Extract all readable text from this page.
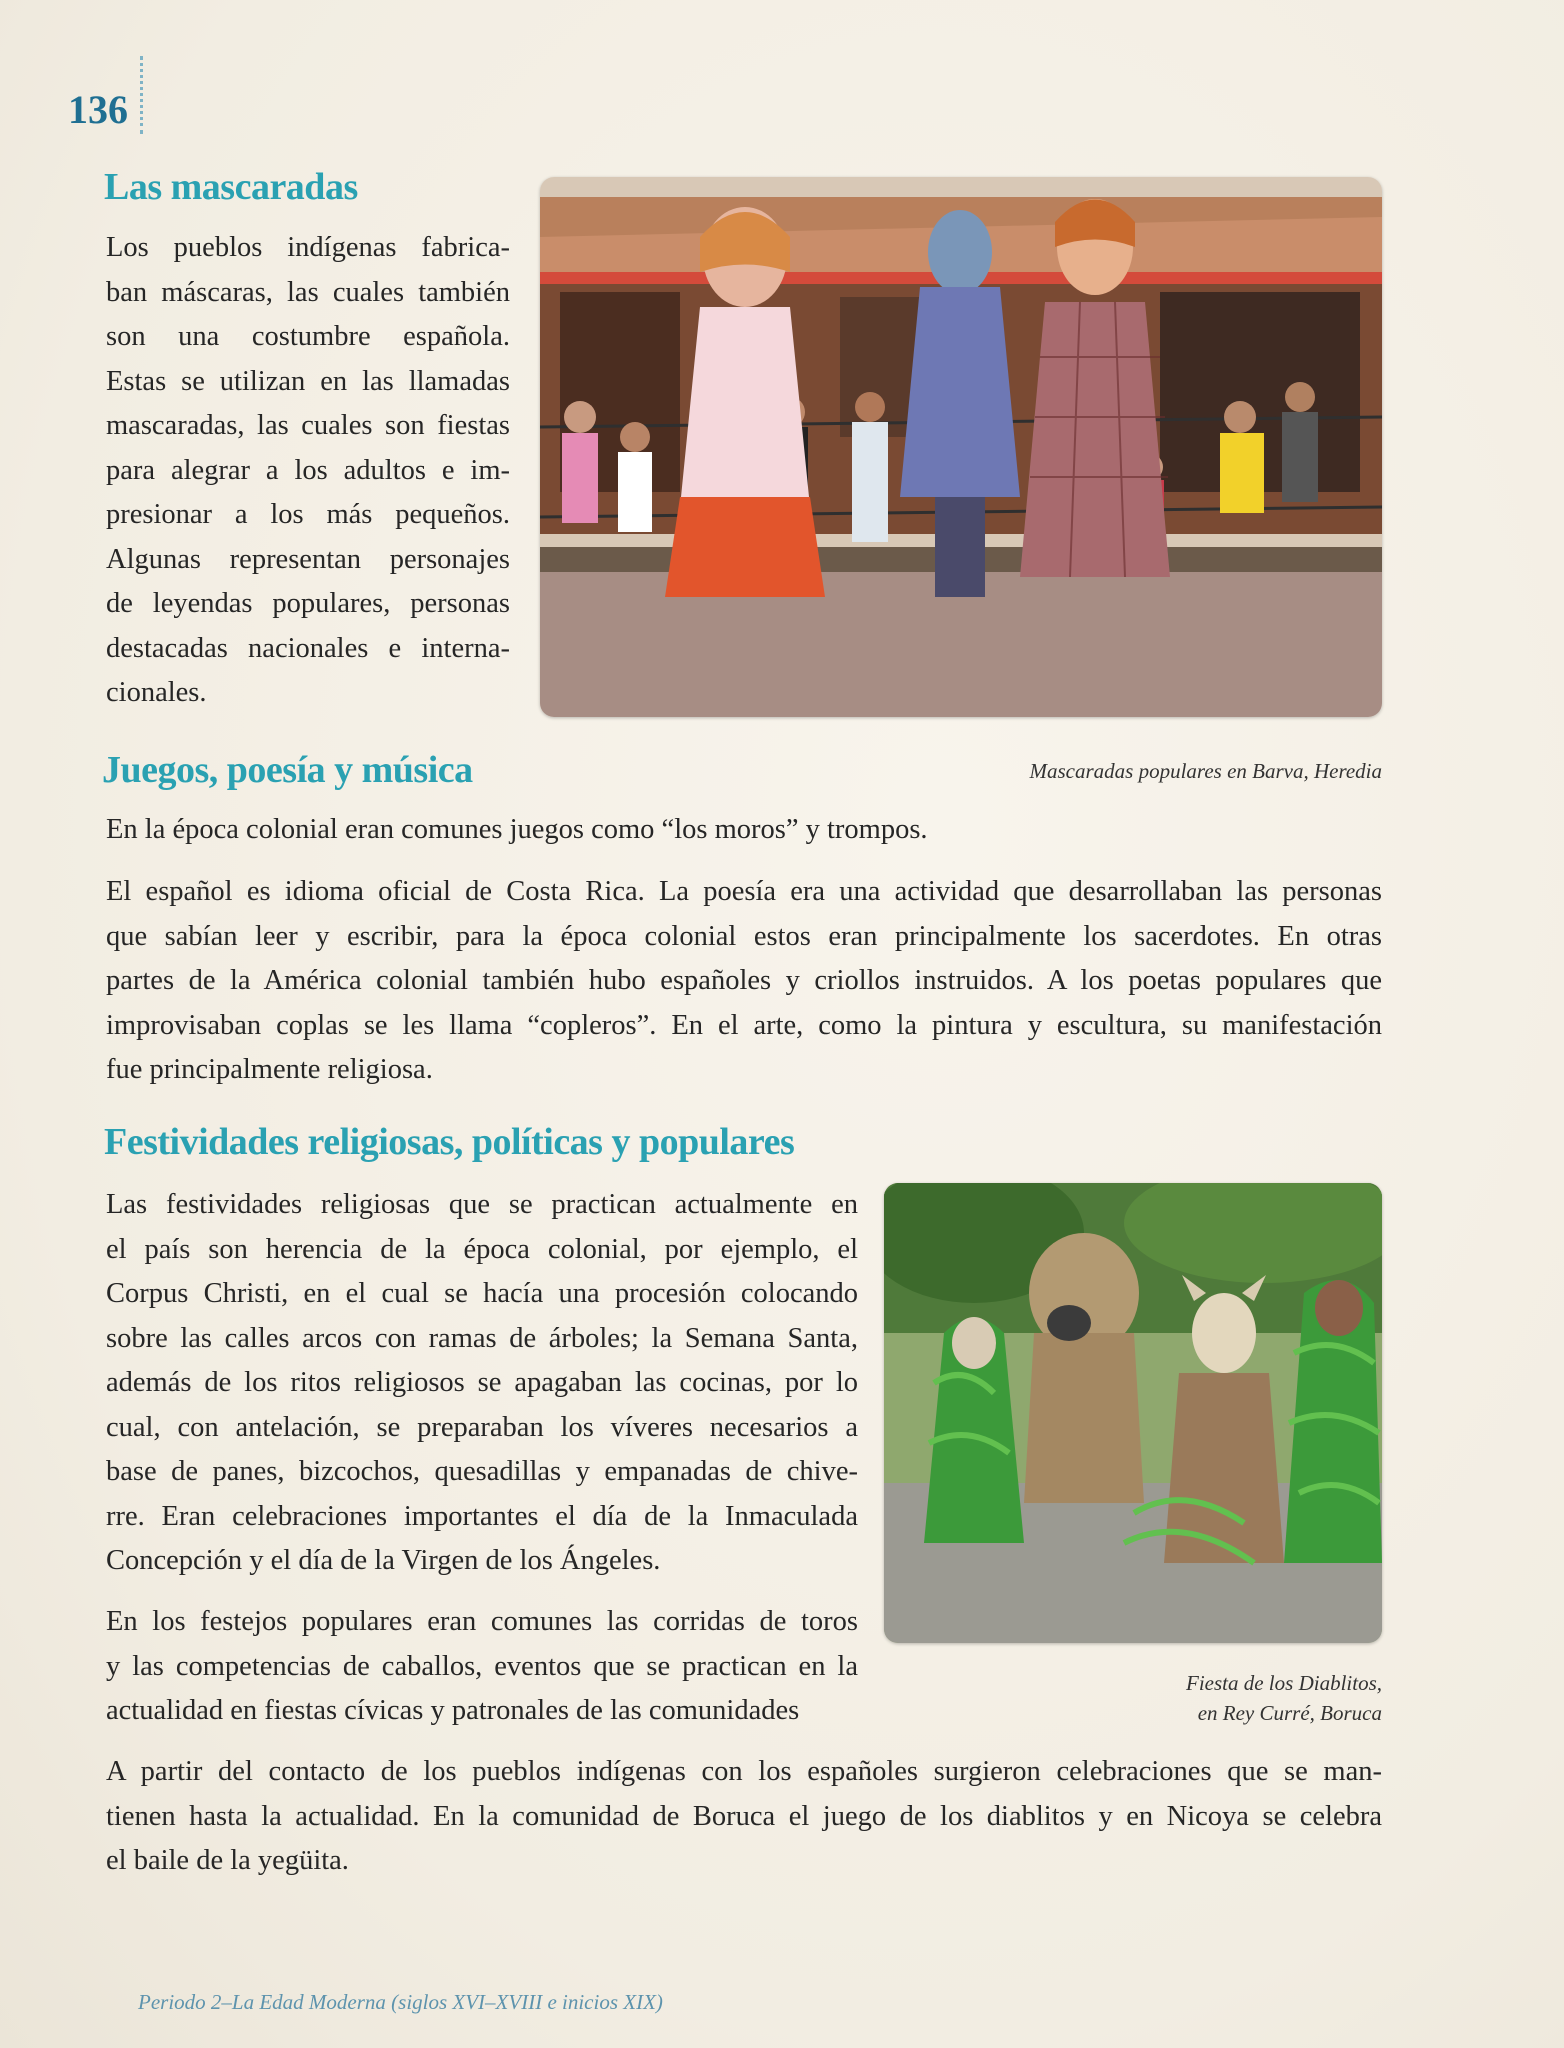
136
Las mascaradas
Los pueblos indígenas fabrica-
ban máscaras, las cuales también
son una costumbre española.
Estas se utilizan en las llamadas
mascaradas, las cuales son fiestas
para alegrar a los adultos e im-
presionar a los más pequeños.
Algunas representan personajes
de leyendas populares, personas
destacadas nacionales e interna-
cionales.
Mascaradas populares en Barva, Heredia
Juegos, poesía y música
En la época colonial eran comunes juegos como “los moros” y trompos.
El español es idioma oficial de Costa Rica. La poesía era una actividad que desarrollaban las personas
que sabían leer y escribir, para la época colonial estos eran principalmente los sacerdotes. En otras
partes de la América colonial también hubo españoles y criollos instruidos. A los poetas populares que
improvisaban coplas se les llama “copleros”. En el arte, como la pintura y escultura, su manifestación
fue principalmente religiosa.
Festividades religiosas, políticas y populares
Las festividades religiosas que se practican actualmente en
el país son herencia de la época colonial, por ejemplo, el
Corpus Christi, en el cual se hacía una procesión colocando
sobre las calles arcos con ramas de árboles; la Semana Santa,
además de los ritos religiosos se apagaban las cocinas, por lo
cual, con antelación, se preparaban los víveres necesarios a
base de panes, bizcochos, quesadillas y empanadas de chive-
rre. Eran celebraciones importantes el día de la Inmaculada
Concepción y el día de la Virgen de los Ángeles.
En los festejos populares eran comunes las corridas de toros
y las competencias de caballos, eventos que se practican en la
actualidad en fiestas cívicas y patronales de las comunidades
Fiesta de los Diablitos,
en Rey Curré, Boruca
A partir del contacto de los pueblos indígenas con los españoles surgieron celebraciones que se man-
tienen hasta la actualidad. En la comunidad de Boruca el juego de los diablitos y en Nicoya se celebra
el baile de la yegüita.
Periodo 2–La Edad Moderna (siglos XVI–XVIII e inicios XIX)
